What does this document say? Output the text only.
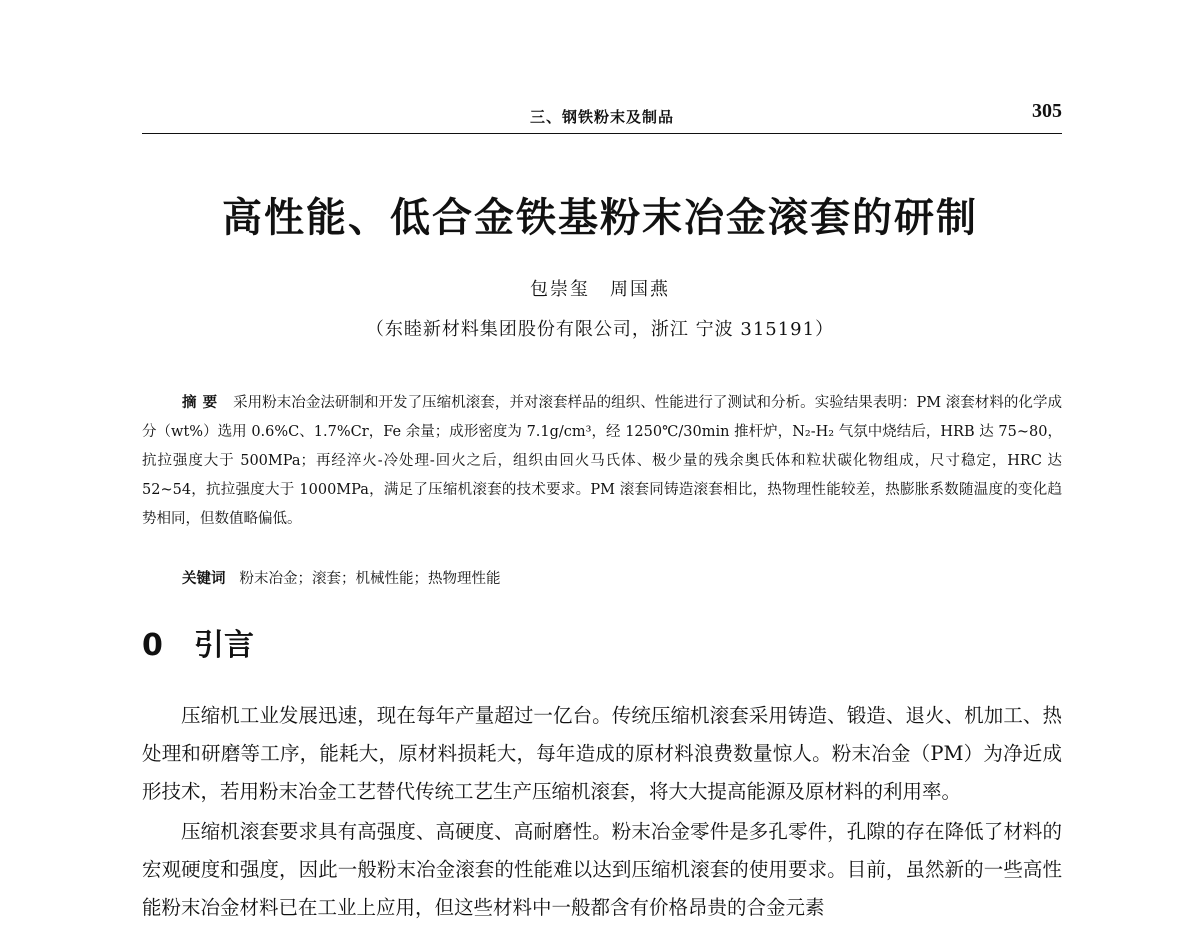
三、钢铁粉末及制品	305
高性能、低合金铁基粉末冶金滚套的研制
包崇玺　周国燕
（东睦新材料集团股份有限公司，浙江 宁波 315191）
摘要 采用粉末冶金法研制和开发了压缩机滚套，并对滚套样品的组织、性能进行了测试和分析。实验结果表明：PM 滚套材料的化学成分（wt%）选用 0.6%C、1.7%Cr，Fe 余量；成形密度为 7.1g/cm³，经 1250℃/30min 推杆炉，N₂-H₂ 气氛中烧结后，HRB 达 75~80，抗拉强度大于 500MPa；再经淬火-冷处理-回火之后，组织由回火马氏体、极少量的残余奥氏体和粒状碳化物组成，尺寸稳定，HRC 达 52~54，抗拉强度大于 1000MPa，满足了压缩机滚套的技术要求。PM 滚套同铸造滚套相比，热物理性能较差，热膨胀系数随温度的变化趋势相同，但数值略偏低。
关键词 粉末冶金；滚套；机械性能；热物理性能
0 引言

压缩机工业发展迅速，现在每年产量超过一亿台。传统压缩机滚套采用铸造、锻造、退火、机加工、热处理和研磨等工序，能耗大，原材料损耗大，每年造成的原材料浪费数量惊人。粉末冶金（PM）为净近成形技术，若用粉末冶金工艺替代传统工艺生产压缩机滚套，将大大提高能源及原材料的利用率。

压缩机滚套要求具有高强度、高硬度、高耐磨性。粉末冶金零件是多孔零件，孔隙的存在降低了材料的宏观硬度和强度，因此一般粉末冶金滚套的性能难以达到压缩机滚套的使用要求。目前，虽然新的一些高性能粉末冶金材料已在工业上应用，但这些材料中一般都含有价格昂贵的合金元素
